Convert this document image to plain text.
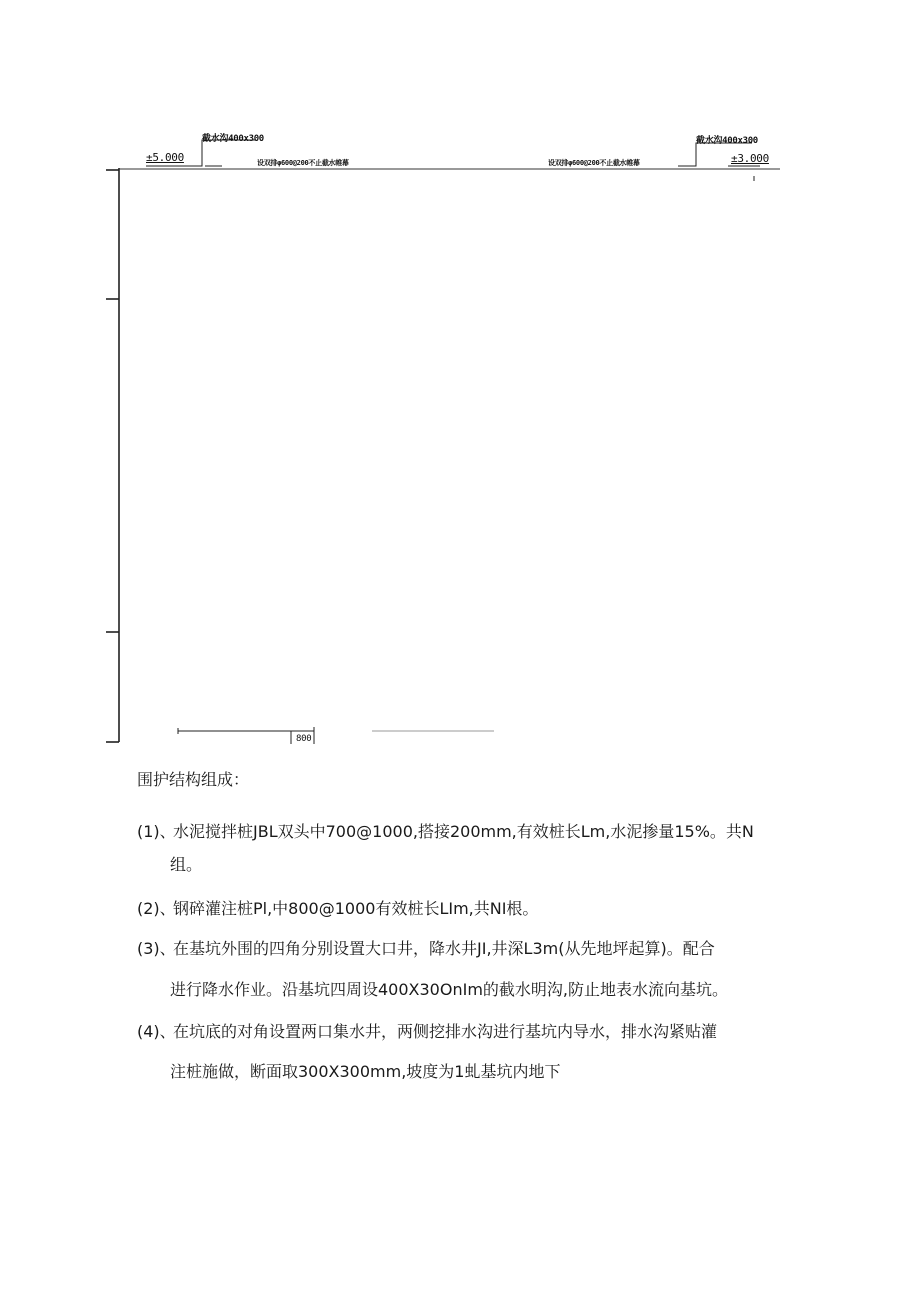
截水沟400x300
±5.000	设双排φ600@200不止截水帷幕
截水沟400x300
±3.000
设双排φ600@200不止截水帷幕
800
围护结构组成：
(1)、水泥搅拌桩JBL双头中700@1000,搭接200mm,有效桩长Lm,水泥掺量15%。共N
组。
(2)、钢碎灌注桩Pl,中800@1000有效桩长LIm,共NI根。
(3)、在基坑外围的四角分别设置大口井，降水井JI,井深L3m(从先地坪起算)。配合
进行降水作业。沿基坑四周设400X30OnIm的截水明沟,防止地表水流向基坑。
(4)、在坑底的对角设置两口集水井，两侧挖排水沟进行基坑内导水，排水沟紧贴灌
注桩施做，断面取300X300mm,坡度为1虬基坑内地下
